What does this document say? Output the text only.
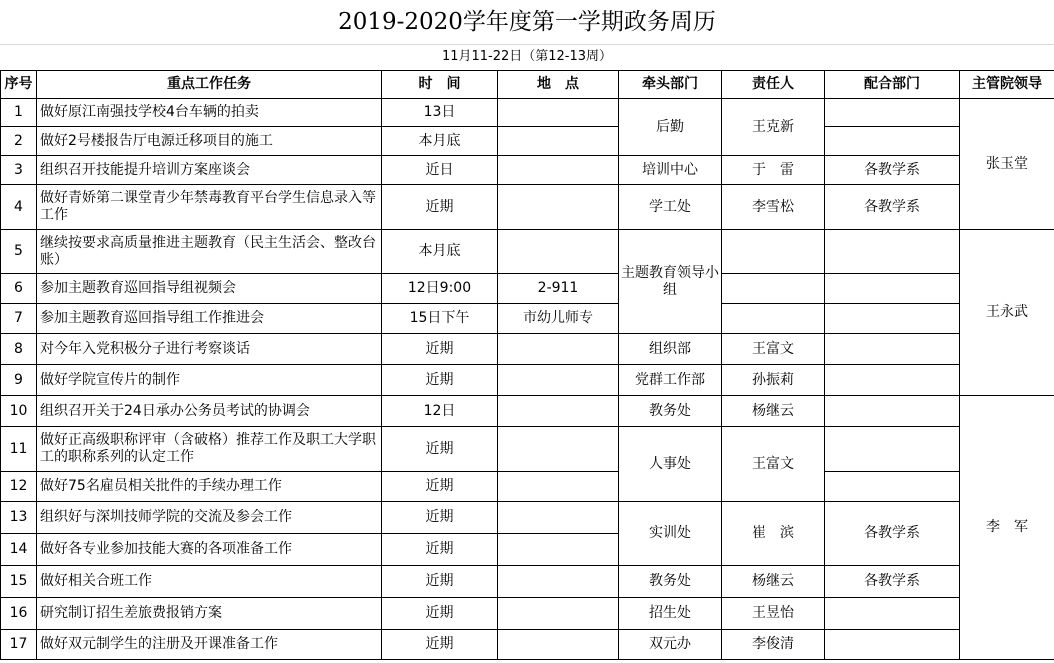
2019-2020学年度第一学期政务周历
11月11-22日（第12-13周）
序号	重点工作任务	时　间	地　点	牵头部门	责任人	配合部门	主管院领导
1	做好原江南强技学校4台车辆的拍卖	13日		后勤	王克新		张玉堂
2	做好2号楼报告厅电源迁移项目的施工	本月底					
3	组织召开技能提升培训方案座谈会	近日		培训中心	于　雷	各教学系	
4	做好青娇第二课堂青少年禁毒教育平台学生信息录入等工作	近期		学工处	李雪松	各教学系	
5	继续按要求高质量推进主题教育（民主生活会、整改台账）	本月底		主题教育领导小组			王永武
6	参加主题教育巡回指导组视频会	12日9:00	2-911				
7	参加主题教育巡回指导组工作推进会	15日下午	市幼儿师专				
8	对今年入党积极分子进行考察谈话	近期		组织部	王富文		
9	做好学院宣传片的制作	近期		党群工作部	孙振莉		
10	组织召开关于24日承办公务员考试的协调会	12日		教务处	杨继云		李　军
11	做好正高级职称评审（含破格）推荐工作及职工大学职工的职称系列的认定工作	近期		人事处	王富文		
12	做好75名雇员相关批件的手续办理工作	近期					
13	组织好与深圳技师学院的交流及参会工作	近期		实训处	崔　滨	各教学系	
14	做好各专业参加技能大赛的各项准备工作	近期					
15	做好相关合班工作	近期		教务处	杨继云	各教学系	
16	研究制订招生差旅费报销方案	近期		招生处	王昱怡		
17	做好双元制学生的注册及开课准备工作	近期		双元办	李俊清		
